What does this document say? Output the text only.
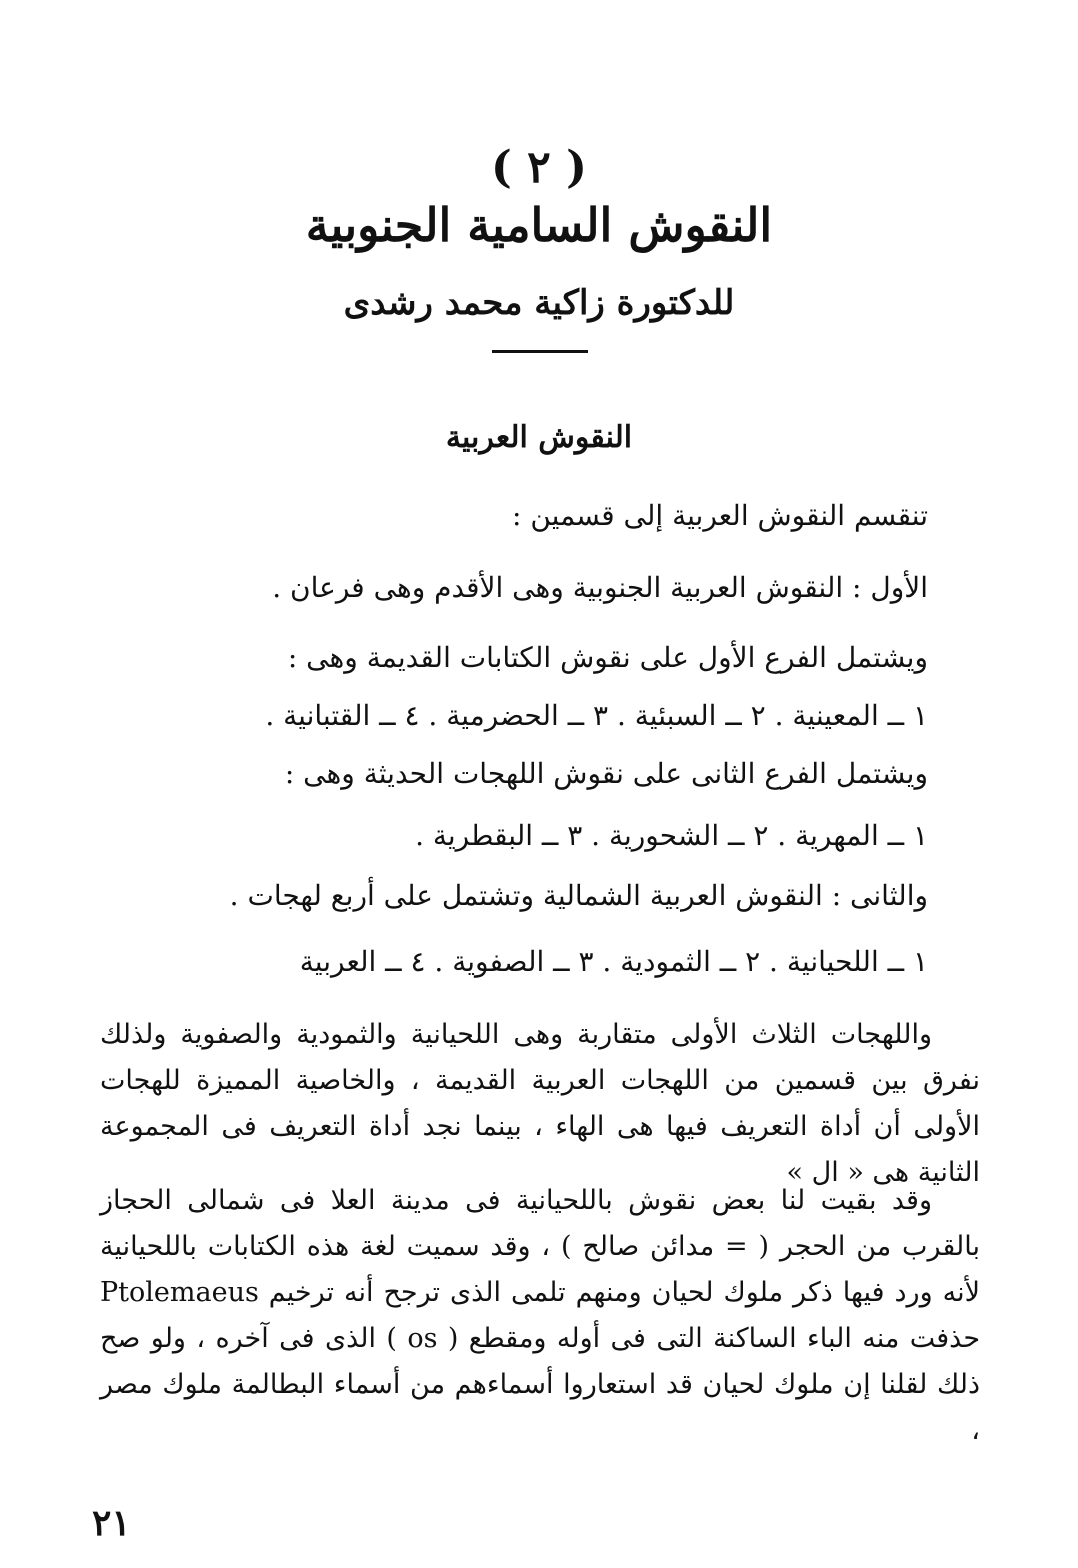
( ٢ )
النقوش السامية الجنوبية
للدكتورة زاكية محمد رشدى
النقوش العربية
تنقسم النقوش العربية إلى قسمين :
الأول : النقوش العربية الجنوبية وهى الأقدم وهى فرعان .
ويشتمل الفرع الأول على نقوش الكتابات القديمة وهى :
١ ــ المعينية . ٢ ــ السبئية . ٣ ــ الحضرمية . ٤ ــ القتبانية .
ويشتمل الفرع الثانى على نقوش اللهجات الحديثة وهى :
١ ــ المهرية . ٢ ــ الشحورية . ٣ ــ البقطرية .
والثانى : النقوش العربية الشمالية وتشتمل على أربع لهجات .
١ ــ اللحيانية . ٢ ــ الثمودية . ٣ ــ الصفوية . ٤ ــ العربية

واللهجات الثلاث الأولى متقاربة وهى اللحيانية والثمودية والصفوية ولذلك نفرق بين قسمين من اللهجات العربية القديمة ، والخاصية المميزة للهجات الأولى أن أداة التعريف فيها هى الهاء ، بينما نجد أداة التعريف فى المجموعة الثانية هى « ال »

وقد بقيت لنا بعض نقوش باللحيانية فى مدينة العلا فى شمالى الحجاز بالقرب من الحجر ( = مدائن صالح ) ، وقد سميت لغة هذه الكتابات باللحيانية لأنه ورد فيها ذكر ملوك لحيان ومنهم تلمى الذى ترجح أنه ترخيم Ptolemaeus حذفت منه الباء الساكنة التى فى أوله ومقطع ( os ) الذى فى آخره ، ولو صح ذلك لقلنا إن ملوك لحيان قد استعاروا أسماءهم من أسماء البطالمة ملوك مصر ،

٢١
